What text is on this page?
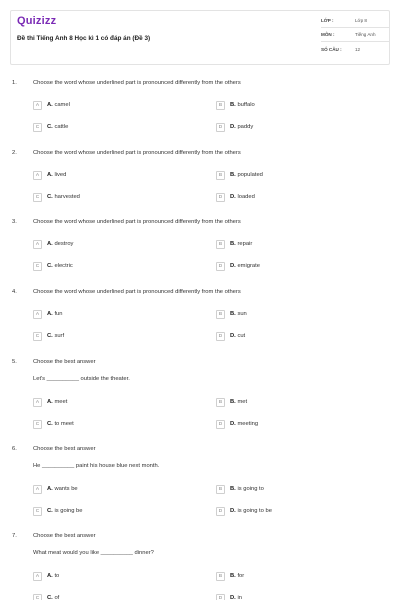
Quizizz
Đề thi Tiếng Anh 8 Học kì 1 có đáp án (Đề 3)
LỚP :	Lớp 8
MÔN :	Tiếng Anh
SỐ CÂU :	12
1.	Choose the word whose underlined part is pronounced differently from the others
A	A. camel	B	B. buffalo
C	C. cattle	D	D. paddy
2.	Choose the word whose underlined part is pronounced differently from the others
A	A. lived	B	B. populated
C	C. harvested	D	D. loaded
3.	Choose the word whose underlined part is pronounced differently from the others
A	A. destroy	B	B. repair
C	C. electric	D	D. emigrate
4.	Choose the word whose underlined part is pronounced differently from the others
A	A. fun	B	B. sun
C	C. surf	D	D. cut
5.	Choose the best answer
Let's __________ outside the theater.
A	A. meet	B	B. met
C	C. to meet	D	D. meeting
6.	Choose the best answer
He __________ paint his house blue next month.
A	A. wants be	B	B. is going to
C	C. is going be	D	D. is going to be
7.	Choose the best answer
What meat would you like __________ dinner?
A	A. to	B	B. for
C	C. of	D	D. in
